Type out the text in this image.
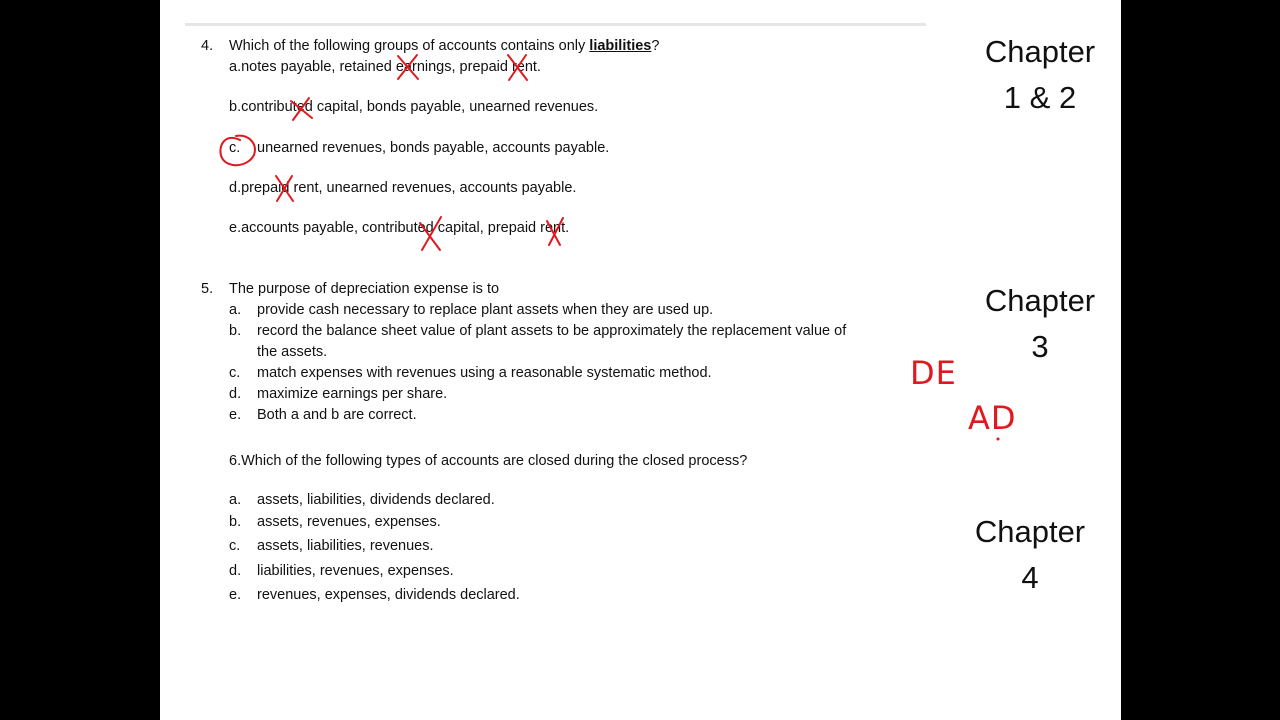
4. Which of the following groups of accounts contains only liabilities?
a.notes payable, retained earnings, prepaid rent.
b.contributed capital, bonds payable, unearned revenues.
c. unearned revenues, bonds payable, accounts payable.
d.prepaid rent, unearned revenues, accounts payable.
e.accounts payable, contributed capital, prepaid rent.
5. The purpose of depreciation expense is to
a. provide cash necessary to replace plant assets when they are used up.
b. record the balance sheet value of plant assets to be approximately the replacement value of
the assets.
c. match expenses with revenues using a reasonable systematic method.
d. maximize earnings per share.
e. Both a and b are correct.
6.Which of the following types of accounts are closed during the closed process?
a. assets, liabilities, dividends declared.
b. assets, revenues, expenses.
c. assets, liabilities, revenues.
d. liabilities, revenues, expenses.
e. revenues, expenses, dividends declared.
Chapter
1 & 2
Chapter
3
Chapter
4
DE
AD
